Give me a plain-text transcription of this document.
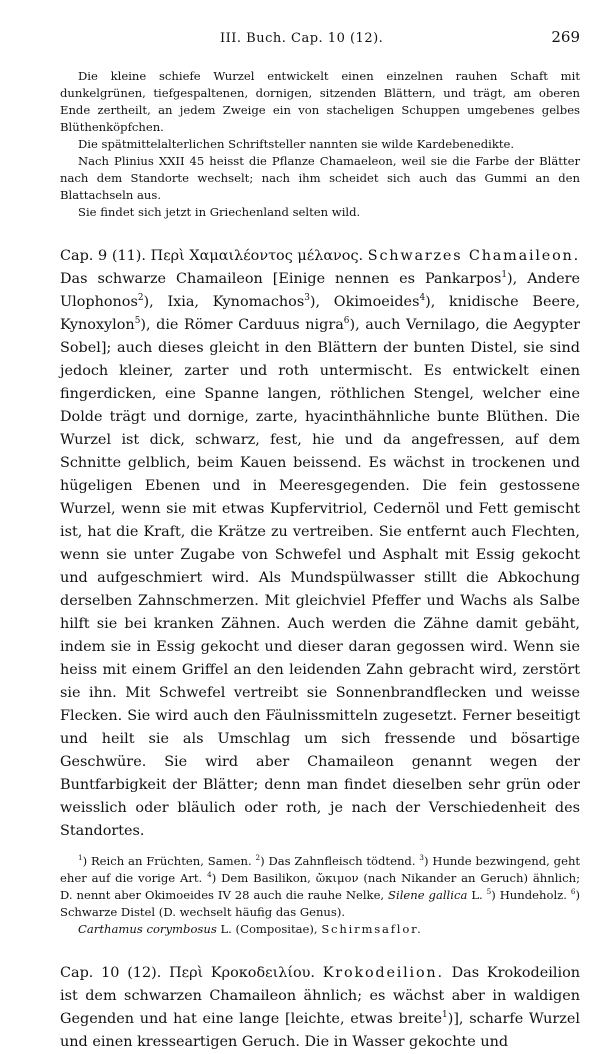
III. Buch. Cap. 10 (12).	269

Die kleine schiefe Wurzel entwickelt einen einzelnen rauhen Schaft mit dunkelgrünen, tiefgespaltenen, dornigen, sitzenden Blättern, und trägt, am oberen Ende zertheilt, an jedem Zweige ein von stacheligen Schuppen umgebenes gelbes Blüthenköpfchen.

Die spätmittelalterlichen Schriftsteller nannten sie wilde Kardebenedikte.

Nach Plinius XXII 45 heisst die Pflanze Chamaeleon, weil sie die Farbe der Blätter nach dem Standorte wechselt; nach ihm scheidet sich auch das Gummi an den Blattachseln aus.

Sie findet sich jetzt in Griechenland selten wild.

Cap. 9 (11). Περὶ Χαμαιλέοντος μέλανος. Schwarzes Chamaileon. Das schwarze Chamaileon [Einige nennen es Pankarpos$^1$), Andere Ulophonos$^2$), Ixia, Kynomachos$^3$), Okimoeides$^4$), knidische Beere, Kynoxylon$^5$), die Römer Carduus nigra$^6$), auch Vernilago, die Aegypter Sobel]; auch dieses gleicht in den Blättern der bunten Distel, sie sind jedoch kleiner, zarter und roth untermischt. Es entwickelt einen fingerdicken, eine Spanne langen, röthlichen Stengel, welcher eine Dolde trägt und dornige, zarte, hyacinthähnliche bunte Blüthen. Die Wurzel ist dick, schwarz, fest, hie und da angefressen, auf dem Schnitte gelblich, beim Kauen beissend. Es wächst in trockenen und hügeligen Ebenen und in Meeresgegenden. Die fein gestossene Wurzel, wenn sie mit etwas Kupfervitriol, Cedernöl und Fett gemischt ist, hat die Kraft, die Krätze zu vertreiben. Sie entfernt auch Flechten, wenn sie unter Zugabe von Schwefel und Asphalt mit Essig gekocht und aufgeschmiert wird. Als Mundspülwasser stillt die Abkochung derselben Zahnschmerzen. Mit gleichviel Pfeffer und Wachs als Salbe hilft sie bei kranken Zähnen. Auch werden die Zähne damit gebäht, indem sie in Essig gekocht und dieser daran gegossen wird. Wenn sie heiss mit einem Griffel an den leidenden Zahn gebracht wird, zerstört sie ihn. Mit Schwefel vertreibt sie Sonnenbrandflecken und weisse Flecken. Sie wird auch den Fäulnissmitteln zugesetzt. Ferner beseitigt und heilt sie als Umschlag um sich fressende und bösartige Geschwüre. Sie wird aber Chamaileon genannt wegen der Buntfarbigkeit der Blätter; denn man findet dieselben sehr grün oder weisslich oder bläulich oder roth, je nach der Verschiedenheit des Standortes.

$^1$) Reich an Früchten, Samen. $^2$) Das Zahnfleisch tödtend. $^3$) Hunde bezwingend, geht eher auf die vorige Art. $^4$) Dem Basilikon, ὤκιμον (nach Nikander an Geruch) ähnlich; D. nennt aber Okimoeides IV 28 auch die rauhe Nelke, Silene gallica L. $^5$) Hundeholz. $^6$) Schwarze Distel (D. wechselt häufig das Genus).

Carthamus corymbosus L. (Compositae), Schirmsaflor.

Cap. 10 (12). Περὶ Κροκοδειλίου. Krokodeilion. Das Krokodeilion ist dem schwarzen Chamaileon ähnlich; es wächst aber in waldigen Gegenden und hat eine lange [leichte, etwas breite$^1$)], scharfe Wurzel und einen kresseartigen Geruch. Die in Wasser gekochte und
